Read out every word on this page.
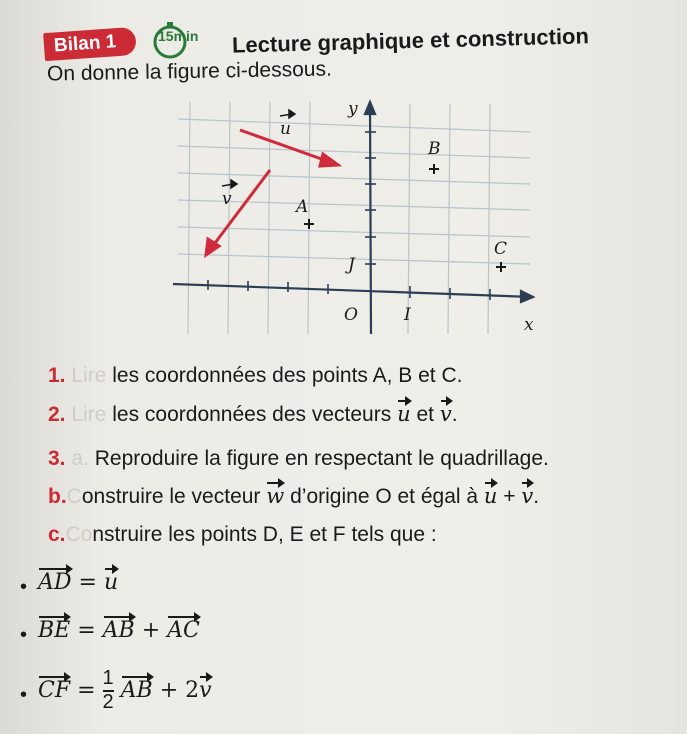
Bilan 1	15min Lecture graphique et construction
On donne la figure ci-dessous.
y
x
O	I
J
A
B
C
u
v
1. Lire les coordonnées des points A, B et C.
2. Lire les coordonnées des vecteurs u et v.
3. a. Reproduire la figure en respectant le quadrillage.
b.Construire le vecteur w d’origine O et égal à u + v.
c.Construire les points D, E et F tels que :
• AD = u
• BE = AB + AC
• CF = $\frac{1}{2}$ AB + 2v
